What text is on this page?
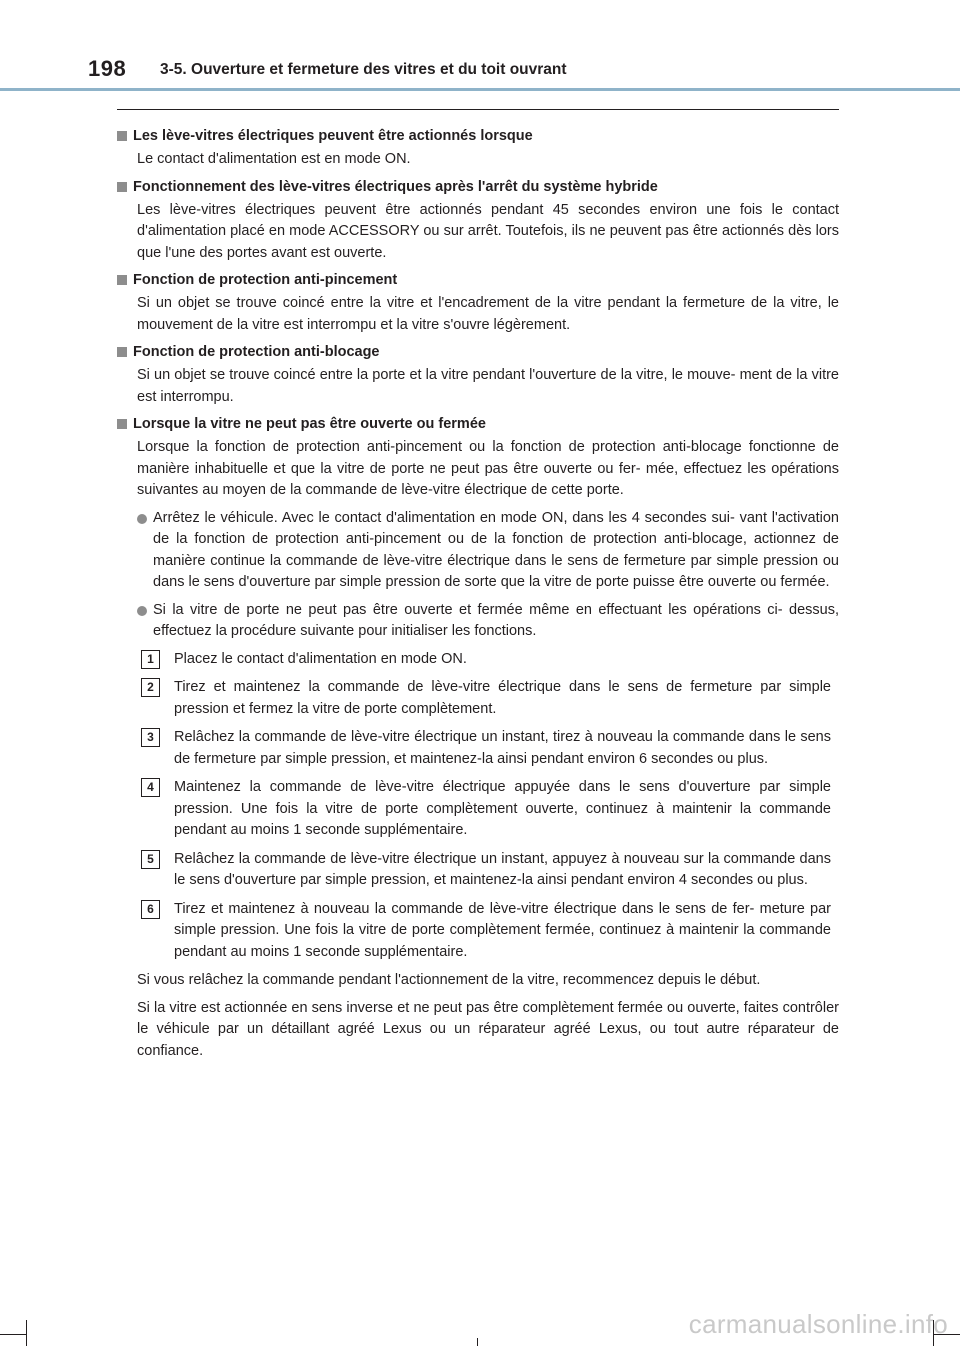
198 3-5. Ouverture et fermeture des vitres et du toit ouvrant
Les lève-vitres électriques peuvent être actionnés lorsque
Le contact d'alimentation est en mode ON.
Fonctionnement des lève-vitres électriques après l'arrêt du système hybride
Les lève-vitres électriques peuvent être actionnés pendant 45 secondes environ une fois le contact d'alimentation placé en mode ACCESSORY ou sur arrêt. Toutefois, ils ne peuvent pas être actionnés dès lors que l'une des portes avant est ouverte.
Fonction de protection anti-pincement
Si un objet se trouve coincé entre la vitre et l'encadrement de la vitre pendant la fermeture de la vitre, le mouvement de la vitre est interrompu et la vitre s'ouvre légèrement.
Fonction de protection anti-blocage
Si un objet se trouve coincé entre la porte et la vitre pendant l'ouverture de la vitre, le mouve- ment de la vitre est interrompu.
Lorsque la vitre ne peut pas être ouverte ou fermée
Lorsque la fonction de protection anti-pincement ou la fonction de protection anti-blocage fonctionne de manière inhabituelle et que la vitre de porte ne peut pas être ouverte ou fer- mée, effectuez les opérations suivantes au moyen de la commande de lève-vitre électrique de cette porte.
Arrêtez le véhicule. Avec le contact d'alimentation en mode ON, dans les 4 secondes sui- vant l'activation de la fonction de protection anti-pincement ou de la fonction de protection anti-blocage, actionnez de manière continue la commande de lève-vitre électrique dans le sens de fermeture par simple pression ou dans le sens d'ouverture par simple pression de sorte que la vitre de porte puisse être ouverte ou fermée.
Si la vitre de porte ne peut pas être ouverte et fermée même en effectuant les opérations ci- dessus, effectuez la procédure suivante pour initialiser les fonctions.
1	Placez le contact d'alimentation en mode ON.
2	Tirez et maintenez la commande de lève-vitre électrique dans le sens de fermeture par simple pression et fermez la vitre de porte complètement.
3	Relâchez la commande de lève-vitre électrique un instant, tirez à nouveau la commande dans le sens de fermeture par simple pression, et maintenez-la ainsi pendant environ 6 secondes ou plus.
4	Maintenez la commande de lève-vitre électrique appuyée dans le sens d'ouverture par simple pression. Une fois la vitre de porte complètement ouverte, continuez à maintenir la commande pendant au moins 1 seconde supplémentaire.
5	Relâchez la commande de lève-vitre électrique un instant, appuyez à nouveau sur la commande dans le sens d'ouverture par simple pression, et maintenez-la ainsi pendant environ 4 secondes ou plus.
6	Tirez et maintenez à nouveau la commande de lève-vitre électrique dans le sens de fer- meture par simple pression. Une fois la vitre de porte complètement fermée, continuez à maintenir la commande pendant au moins 1 seconde supplémentaire.
Si vous relâchez la commande pendant l'actionnement de la vitre, recommencez depuis le début.
Si la vitre est actionnée en sens inverse et ne peut pas être complètement fermée ou ouverte, faites contrôler le véhicule par un détaillant agréé Lexus ou un réparateur agréé Lexus, ou tout autre réparateur de confiance.
carmanualsonline.info
